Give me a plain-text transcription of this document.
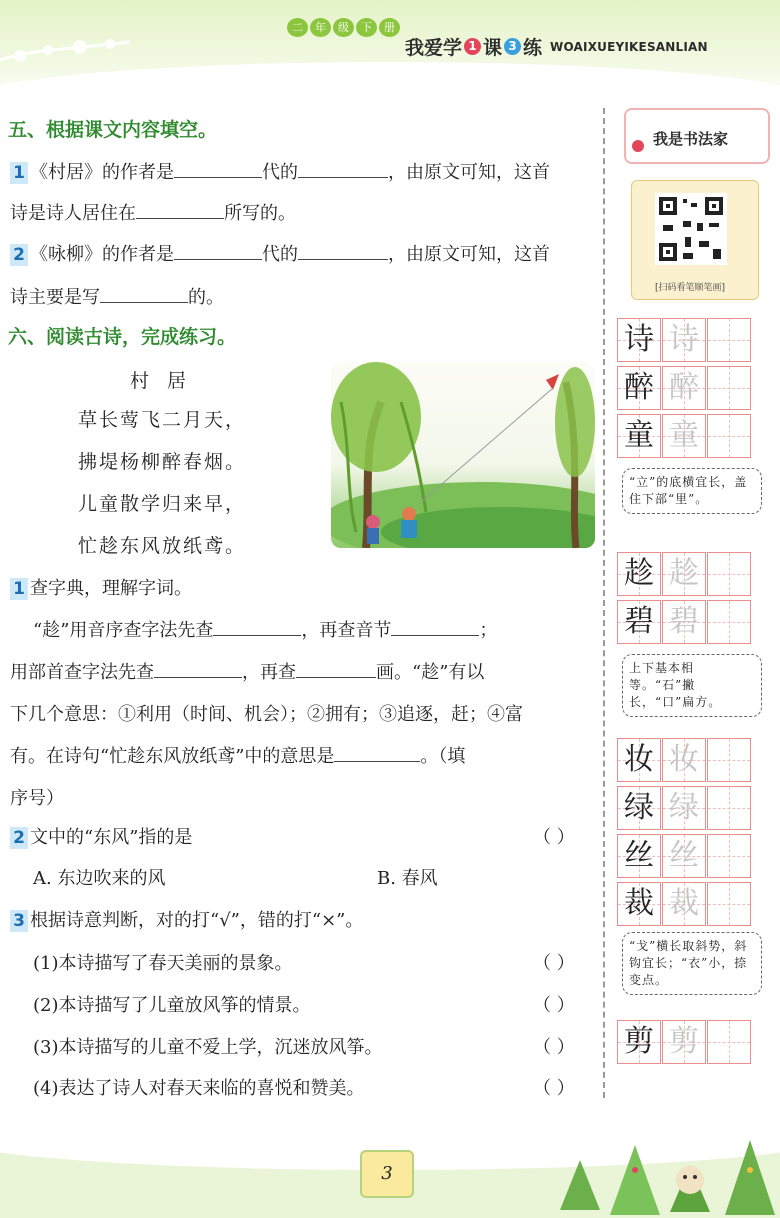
二	年	级	下	册
我爱学 1 课 3 练 WOAIXUEYIKESANLIAN
五、根据课文内容填空。
1 《村居》的作者是	代的	，由原文可知，这首
诗是诗人居住在	所写的。
2 《咏柳》的作者是	代的	，由原文可知，这首
诗主要是写	的。
六、阅读古诗，完成练习。
村 居
草长莺飞二月天，
拂堤杨柳醉春烟。
儿童散学归来早，
忙趁东风放纸鸢。
1 查字典，理解字词。
“趁”用音序查字法先查	，再查音节	；
用部首查字法先查	，再查	画。“趁”有以
下几个意思：①利用（时间、机会）；②拥有；③追逐，赶；④富
有。在诗句“忙趁东风放纸鸢”中的意思是	。（填
序号）
2 文中的“东风”指的是	（ ）
A. 东边吹来的风	B. 春风
3 根据诗意判断，对的打“√”，错的打“×”。
(1)本诗描写了春天美丽的景象。	（ ）
(2)本诗描写了儿童放风筝的情景。	（ ）
(3)本诗描写的儿童不爱上学，沉迷放风筝。	（ ）
(4)表达了诗人对春天来临的喜悦和赞美。	（ ）
我是书法家
[扫码看笔顺笔画]
诗 诗
醉 醉
童 童
“立”的底横宜长，盖住下部“里”。
趁 趁
碧 碧
上下基本相等。“石”撇长，“口”扁方。
妆 妆
绿 绿
丝 丝
裁 裁
“戈”横长取斜势，斜钩宜长；“衣”小，捺变点。
剪 剪
3
